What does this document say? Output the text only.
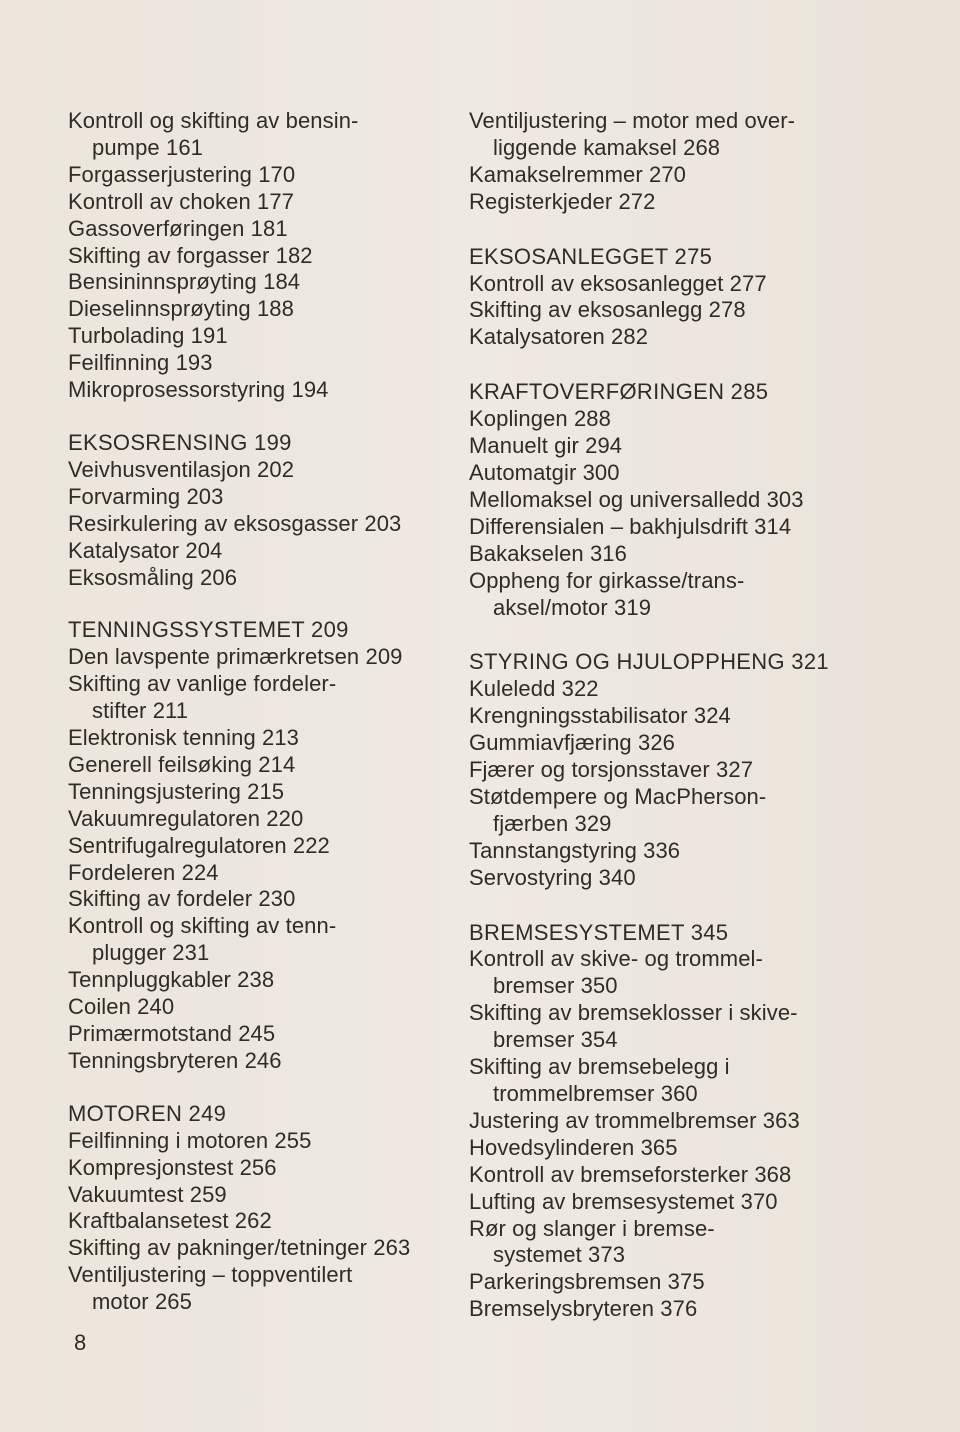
Kontroll og skifting av bensin-
pumpe 161
Forgasserjustering 170
Kontroll av choken 177
Gassoverføringen 181
Skifting av forgasser 182
Bensininnsprøyting 184
Dieselinnsprøyting 188
Turbolading 191
Feilfinning 193
Mikroprosessorstyring 194
EKSOSRENSING 199
Veivhusventilasjon 202
Forvarming 203
Resirkulering av eksosgasser 203
Katalysator 204
Eksosmåling 206
TENNINGSSYSTEMET 209
Den lavspente primærkretsen 209
Skifting av vanlige fordeler-
stifter 211
Elektronisk tenning 213
Generell feilsøking 214
Tenningsjustering 215
Vakuumregulatoren 220
Sentrifugalregulatoren 222
Fordeleren 224
Skifting av fordeler 230
Kontroll og skifting av tenn-
plugger 231
Tennpluggkabler 238
Coilen 240
Primærmotstand 245
Tenningsbryteren 246
MOTOREN 249
Feilfinning i motoren 255
Kompresjonstest 256
Vakuumtest 259
Kraftbalansetest 262
Skifting av pakninger/tetninger 263
Ventiljustering – toppventilert
motor 265
Ventiljustering – motor med over-
liggende kamaksel 268
Kamakselremmer 270
Registerkjeder 272
EKSOSANLEGGET 275
Kontroll av eksosanlegget 277
Skifting av eksosanlegg 278
Katalysatoren 282
KRAFTOVERFØRINGEN 285
Koplingen 288
Manuelt gir 294
Automatgir 300
Mellomaksel og universalledd 303
Differensialen – bakhjulsdrift 314
Bakakselen 316
Oppheng for girkasse/trans-
aksel/motor 319
STYRING OG HJULOPPHENG 321
Kuleledd 322
Krengningsstabilisator 324
Gummiavfjæring 326
Fjærer og torsjonsstaver 327
Støtdempere og MacPherson-
fjærben 329
Tannstangstyring 336
Servostyring 340
BREMSESYSTEMET 345
Kontroll av skive- og trommel-
bremser 350
Skifting av bremseklosser i skive-
bremser 354
Skifting av bremsebelegg i
trommelbremser 360
Justering av trommelbremser 363
Hovedsylinderen 365
Kontroll av bremseforsterker 368
Lufting av bremsesystemet 370
Rør og slanger i bremse-
systemet 373
Parkeringsbremsen 375
Bremselysbryteren 376
8
